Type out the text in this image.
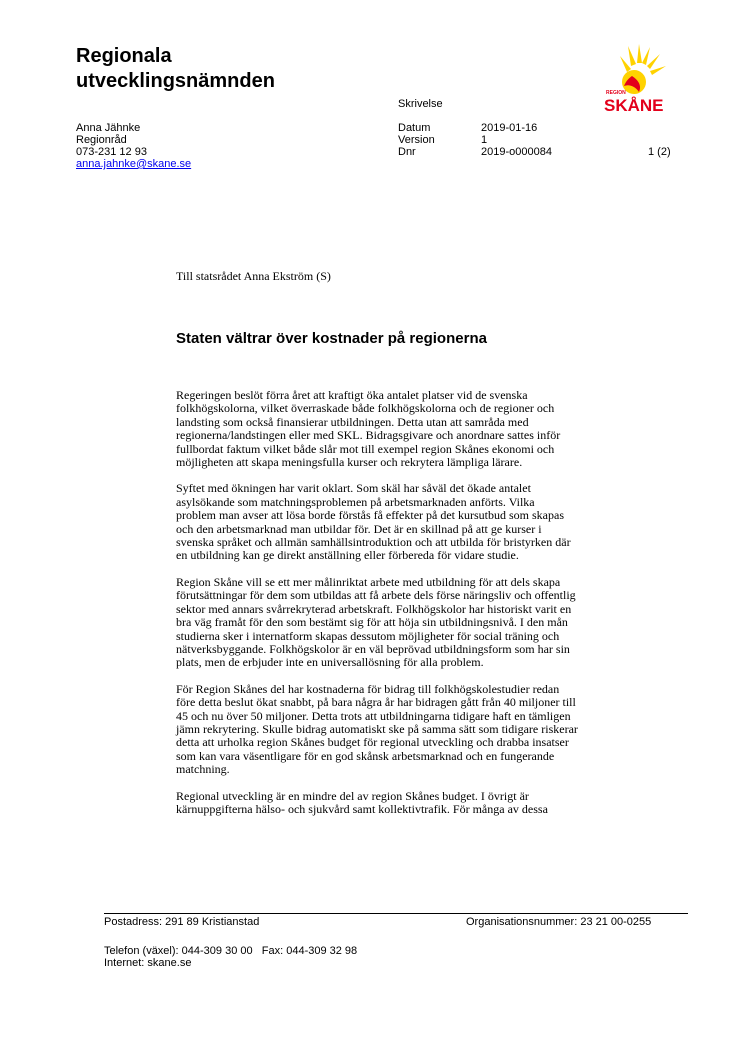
Regionala
utvecklingsnämnden
REGION
SKÅNE
Skrivelse
Anna Jähnke
Regionråd
073-231 12 93
anna.jahnke@skane.se
Datum	2019-01-16
Version	1
Dnr	2019-o000084	1 (2)
Till statsrådet Anna Ekström (S)
Staten vältrar över kostnader på regionerna

Regeringen beslöt förra året att kraftigt öka antalet platser vid de svenska
folkhögskolorna, vilket överraskade både folkhögskolorna och de regioner och
landsting som också finansierar utbildningen. Detta utan att samråda med
regionerna/landstingen eller med SKL. Bidragsgivare och anordnare sattes inför
fullbordat faktum vilket både slår mot till exempel region Skånes ekonomi och
möjligheten att skapa meningsfulla kurser och rekrytera lämpliga lärare.

Syftet med ökningen har varit oklart. Som skäl har såväl det ökade antalet
asylsökande som matchningsproblemen på arbetsmarknaden anförts. Vilka
problem man avser att lösa borde förstås få effekter på det kursutbud som skapas
och den arbetsmarknad man utbildar för. Det är en skillnad på att ge kurser i
svenska språket och allmän samhällsintroduktion och att utbilda för bristyrken där
en utbildning kan ge direkt anställning eller förbereda för vidare studie.

Region Skåne vill se ett mer målinriktat arbete med utbildning för att dels skapa
förutsättningar för dem som utbildas att få arbete dels förse näringsliv och offentlig
sektor med annars svårrekryterad arbetskraft. Folkhögskolor har historiskt varit en
bra väg framåt för den som bestämt sig för att höja sin utbildningsnivå. I den mån
studierna sker i internatform skapas dessutom möjligheter för social träning och
nätverksbyggande. Folkhögskolor är en väl beprövad utbildningsform som har sin
plats, men de erbjuder inte en universallösning för alla problem.

För Region Skånes del har kostnaderna för bidrag till folkhögskolestudier redan
före detta beslut ökat snabbt, på bara några år har bidragen gått från 40 miljoner till
45 och nu över 50 miljoner. Detta trots att utbildningarna tidigare haft en tämligen
jämn rekrytering. Skulle bidrag automatiskt ske på samma sätt som tidigare riskerar
detta att urholka region Skånes budget för regional utveckling och drabba insatser
som kan vara väsentligare för en god skånsk arbetsmarknad och en fungerande
matchning.

Regional utveckling är en mindre del av region Skånes budget. I övrigt är
kärnuppgifterna hälso- och sjukvård samt kollektivtrafik. För många av dessa

Postadress: 291 89 Kristianstad	Organisationsnummer: 23 21 00-0255
Telefon (växel): 044-309 30 00   Fax: 044-309 32 98
Internet: skane.se
